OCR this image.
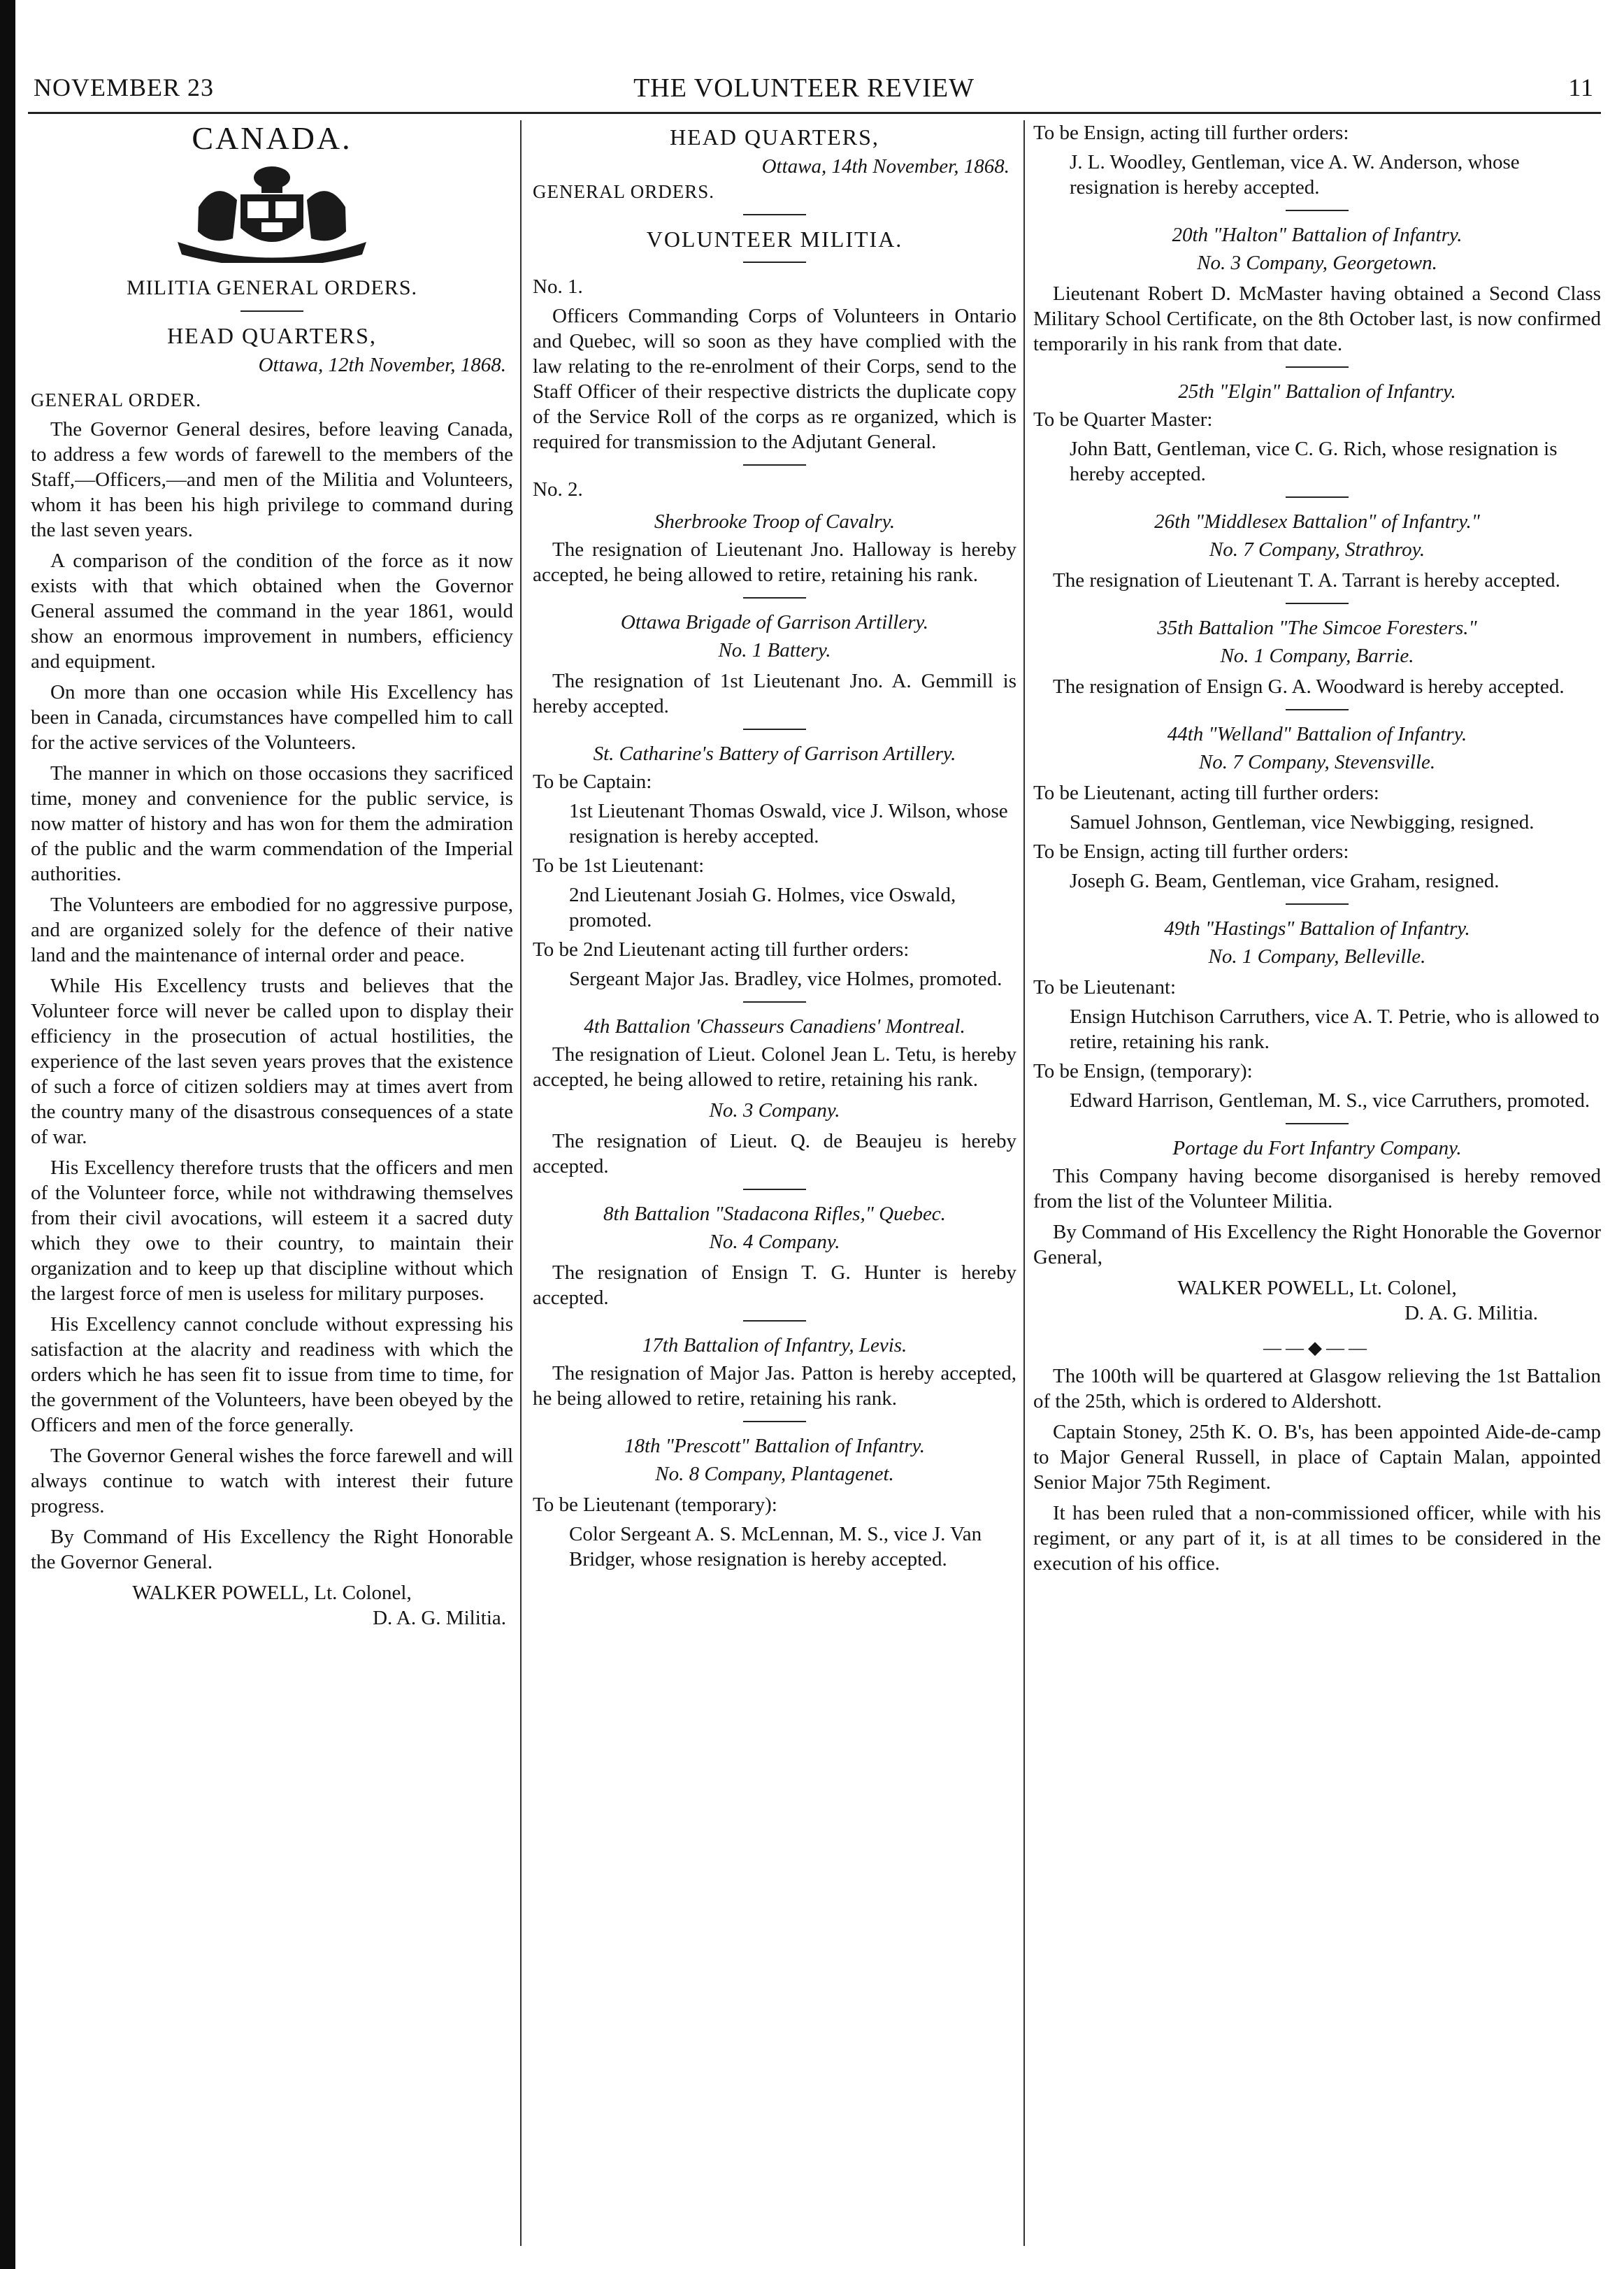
NOVEMBER 23	THE VOLUNTEER REVIEW	11
CANADA.
MILITIA GENERAL ORDERS.
HEAD QUARTERS,
Ottawa, 12th November, 1868.
GENERAL ORDER.

The Governor General desires, before leaving Canada, to address a few words of farewell to the members of the Staff,—Officers,—and men of the Militia and Volunteers, whom it has been his high privilege to command during the last seven years.

A comparison of the condition of the force as it now exists with that which obtained when the Governor General assumed the command in the year 1861, would show an enormous improvement in numbers, efficiency and equipment.

On more than one occasion while His Excellency has been in Canada, circumstances have compelled him to call for the active services of the Volunteers.

The manner in which on those occasions they sacrificed time, money and convenience for the public service, is now matter of history and has won for them the admiration of the public and the warm commendation of the Imperial authorities.

The Volunteers are embodied for no aggressive purpose, and are organized solely for the defence of their native land and the maintenance of internal order and peace.

While His Excellency trusts and believes that the Volunteer force will never be called upon to display their efficiency in the prosecution of actual hostilities, the experience of the last seven years proves that the existence of such a force of citizen soldiers may at times avert from the country many of the disastrous consequences of a state of war.

His Excellency therefore trusts that the officers and men of the Volunteer force, while not withdrawing themselves from their civil avocations, will esteem it a sacred duty which they owe to their country, to maintain their organization and to keep up that discipline without which the largest force of men is useless for military purposes.

His Excellency cannot conclude without expressing his satisfaction at the alacrity and readiness with which the orders which he has seen fit to issue from time to time, for the government of the Volunteers, have been obeyed by the Officers and men of the force generally.

The Governor General wishes the force farewell and will always continue to watch with interest their future progress.

By Command of His Excellency the Right Honorable the Governor General.

WALKER POWELL, Lt. Colonel,
D. A. G. Militia.
HEAD QUARTERS,
Ottawa, 14th November, 1868.
GENERAL ORDERS.
VOLUNTEER MILITIA.
No. 1.

Officers Commanding Corps of Volunteers in Ontario and Quebec, will so soon as they have complied with the law relating to the re-enrolment of their Corps, send to the Staff Officer of their respective districts the duplicate copy of the Service Roll of the corps as re organized, which is required for transmission to the Adjutant General.

No. 2.
Sherbrooke Troop of Cavalry.

The resignation of Lieutenant Jno. Halloway is hereby accepted, he being allowed to retire, retaining his rank.

Ottawa Brigade of Garrison Artillery.
No. 1 Battery.

The resignation of 1st Lieutenant Jno. A. Gemmill is hereby accepted.

St. Catharine's Battery of Garrison Artillery.
To be Captain:
1st Lieutenant Thomas Oswald, vice J. Wilson, whose resignation is hereby accepted.
To be 1st Lieutenant:
2nd Lieutenant Josiah G. Holmes, vice Oswald, promoted.
To be 2nd Lieutenant acting till further orders:
Sergeant Major Jas. Bradley, vice Holmes, promoted.
4th Battalion 'Chasseurs Canadiens' Montreal.

The resignation of Lieut. Colonel Jean L. Tetu, is hereby accepted, he being allowed to retire, retaining his rank.

No. 3 Company.

The resignation of Lieut. Q. de Beaujeu is hereby accepted.

8th Battalion "Stadacona Rifles," Quebec.
No. 4 Company.

The resignation of Ensign T. G. Hunter is hereby accepted.

17th Battalion of Infantry, Levis.

The resignation of Major Jas. Patton is hereby accepted, he being allowed to retire, retaining his rank.

18th "Prescott" Battalion of Infantry.
No. 8 Company, Plantagenet.
To be Lieutenant (temporary):
Color Sergeant A. S. McLennan, M. S., vice J. Van Bridger, whose resignation is hereby accepted.
To be Ensign, acting till further orders:
J. L. Woodley, Gentleman, vice A. W. Anderson, whose resignation is hereby accepted.
20th "Halton" Battalion of Infantry.
No. 3 Company, Georgetown.

Lieutenant Robert D. McMaster having obtained a Second Class Military School Certificate, on the 8th October last, is now confirmed temporarily in his rank from that date.

25th "Elgin" Battalion of Infantry.
To be Quarter Master:
John Batt, Gentleman, vice C. G. Rich, whose resignation is hereby accepted.
26th "Middlesex Battalion" of Infantry."
No. 7 Company, Strathroy.

The resignation of Lieutenant T. A. Tarrant is hereby accepted.

35th Battalion "The Simcoe Foresters."
No. 1 Company, Barrie.

The resignation of Ensign G. A. Woodward is hereby accepted.

44th "Welland" Battalion of Infantry.
No. 7 Company, Stevensville.
To be Lieutenant, acting till further orders:
Samuel Johnson, Gentleman, vice Newbigging, resigned.
To be Ensign, acting till further orders:
Joseph G. Beam, Gentleman, vice Graham, resigned.
49th "Hastings" Battalion of Infantry.
No. 1 Company, Belleville.
To be Lieutenant:
Ensign Hutchison Carruthers, vice A. T. Petrie, who is allowed to retire, retaining his rank.
To be Ensign, (temporary):
Edward Harrison, Gentleman, M. S., vice Carruthers, promoted.
Portage du Fort Infantry Company.

This Company having become disorganised is hereby removed from the list of the Volunteer Militia.

By Command of His Excellency the Right Honorable the Governor General,

WALKER POWELL, Lt. Colonel,
D. A. G. Militia.
——◆——

The 100th will be quartered at Glasgow relieving the 1st Battalion of the 25th, which is ordered to Aldershott.

Captain Stoney, 25th K. O. B's, has been appointed Aide-de-camp to Major General Russell, in place of Captain Malan, appointed Senior Major 75th Regiment.

It has been ruled that a non-commissioned officer, while with his regiment, or any part of it, is at all times to be considered in the execution of his office.
